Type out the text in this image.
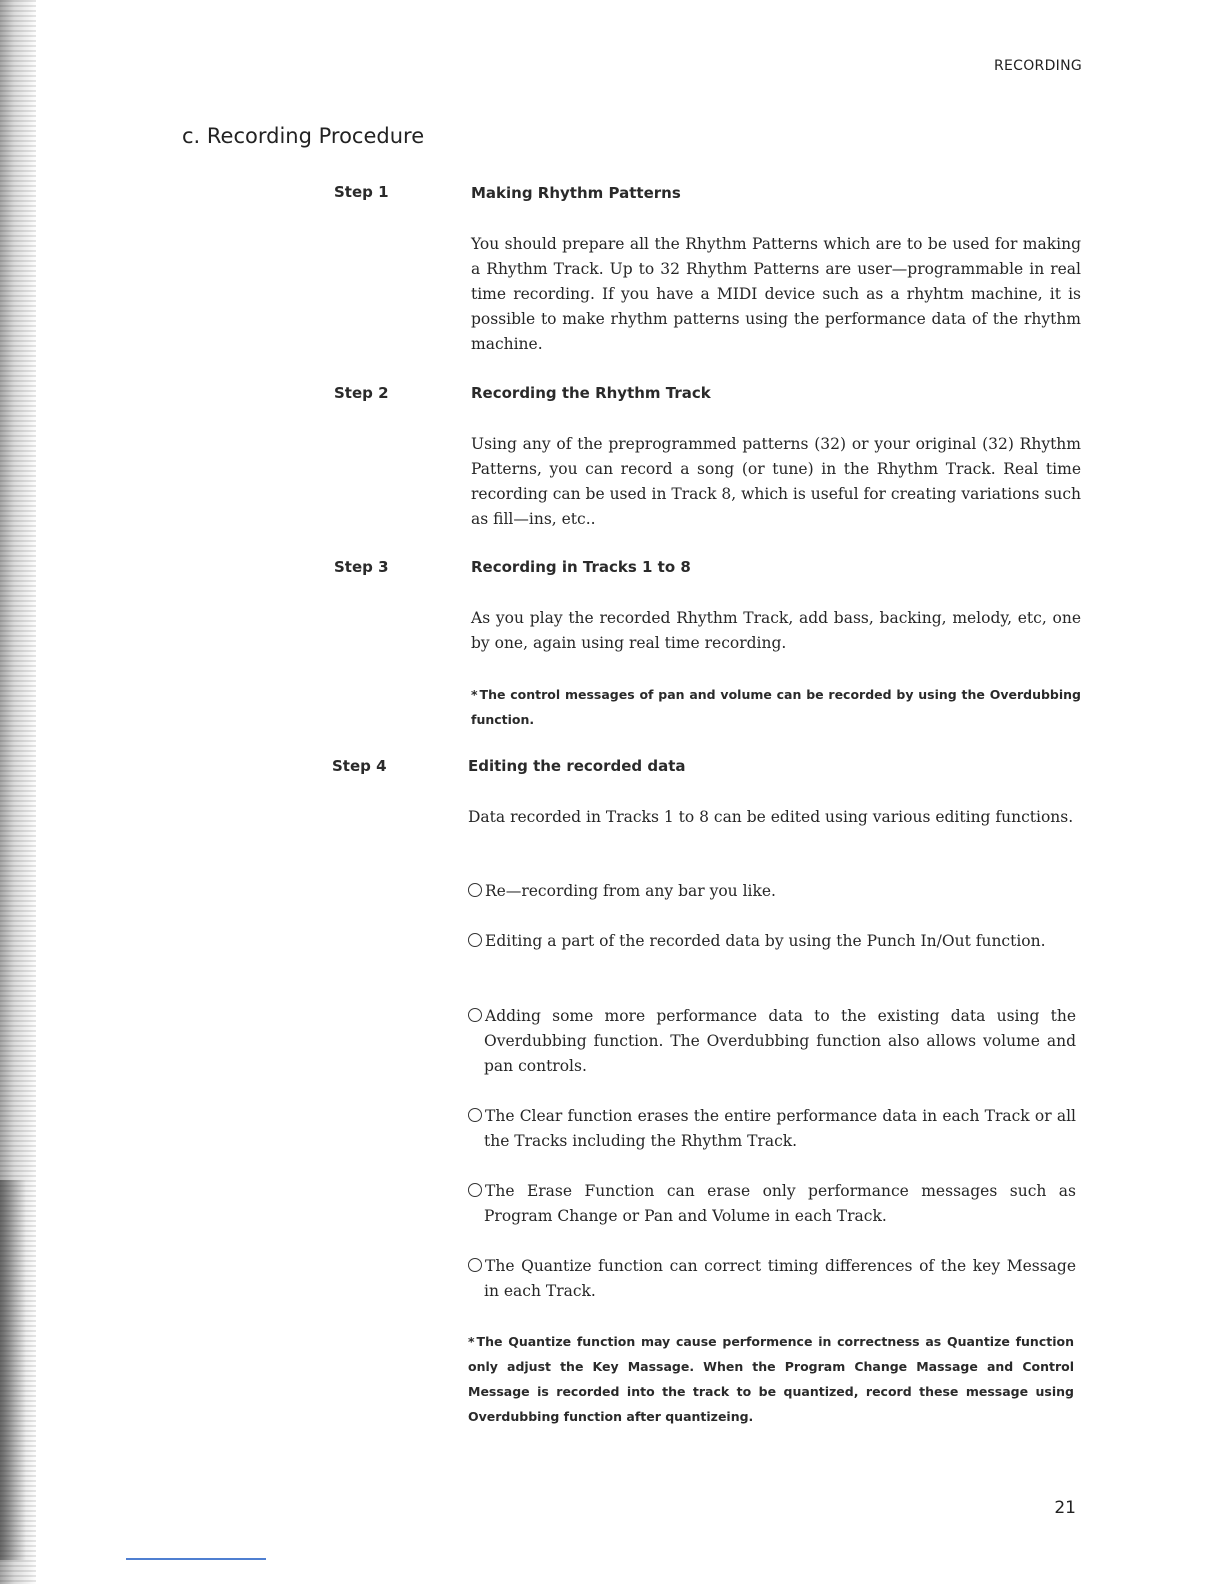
RECORDING
c. Recording Procedure
Step 1	Making Rhythm Patterns

You should prepare all the Rhythm Patterns which are to be used for making a Rhythm Track. Up to 32 Rhythm Patterns are user—programmable in real time recording. If you have a MIDI device such as a rhyhtm machine, it is possible to make rhythm patterns using the performance data of the rhythm machine.

Step 2	Recording the Rhythm Track

Using any of the preprogrammed patterns (32) or your original (32) Rhythm Patterns, you can record a song (or tune) in the Rhythm Track. Real time recording can be used in Track 8, which is useful for creating variations such as fill—ins, etc..

Step 3	Recording in Tracks 1 to 8

As you play the recorded Rhythm Track, add bass, backing, melody, etc, one by one, again using real time recording.

* The control messages of pan and volume can be recorded by using the Overdubbing function.

Step 4	Editing the recorded data

Data recorded in Tracks 1 to 8 can be edited using various editing functions.

Re—recording from any bar you like.
Editing a part of the recorded data by using the Punch In/Out function.
Adding some more performance data to the existing data using the Overdubbing function. The Overdubbing function also allows volume and pan controls.
The Clear function erases the entire performance data in each Track or all the Tracks including the Rhythm Track.
The Erase Function can erase only performance messages such as Program Change or Pan and Volume in each Track.
The Quantize function can correct timing differences of the key Message in each Track.

* The Quantize function may cause performence in correctness as Quantize function only adjust the Key Massage. When the Program Change Massage and Control Message is recorded into the track to be quantized, record these message using Overdubbing function after quantizeing.

21
